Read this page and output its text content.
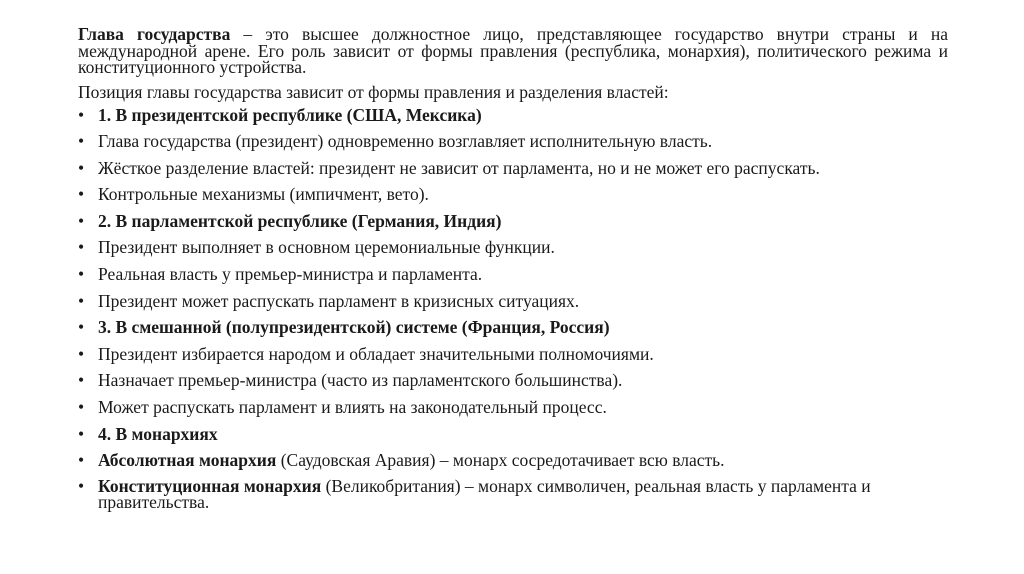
Глава государства – это высшее должностное лицо, представляющее государство внутри страны и на международной арене. Его роль зависит от формы правления (республика, монархия), политического режима и конституционного устройства.

Позиция главы государства зависит от формы правления и разделения властей:

• 1. В президентской республике (США, Мексика)
• Глава государства (президент) одновременно возглавляет исполнительную власть.
• Жёсткое разделение властей: президент не зависит от парламента, но и не может его распускать.
• Контрольные механизмы (импичмент, вето).
• 2. В парламентской республике (Германия, Индия)
• Президент выполняет в основном церемониальные функции.
• Реальная власть у премьер-министра и парламента.
• Президент может распускать парламент в кризисных ситуациях.
• 3. В смешанной (полупрезидентской) системе (Франция, Россия)
• Президент избирается народом и обладает значительными полномочиями.
• Назначает премьер-министра (часто из парламентского большинства).
• Может распускать парламент и влиять на законодательный процесс.
• 4. В монархиях
• Абсолютная монархия (Саудовская Аравия) – монарх сосредотачивает всю власть.
• Конституционная монархия (Великобритания) – монарх символичен, реальная власть у парламента и правительства.
